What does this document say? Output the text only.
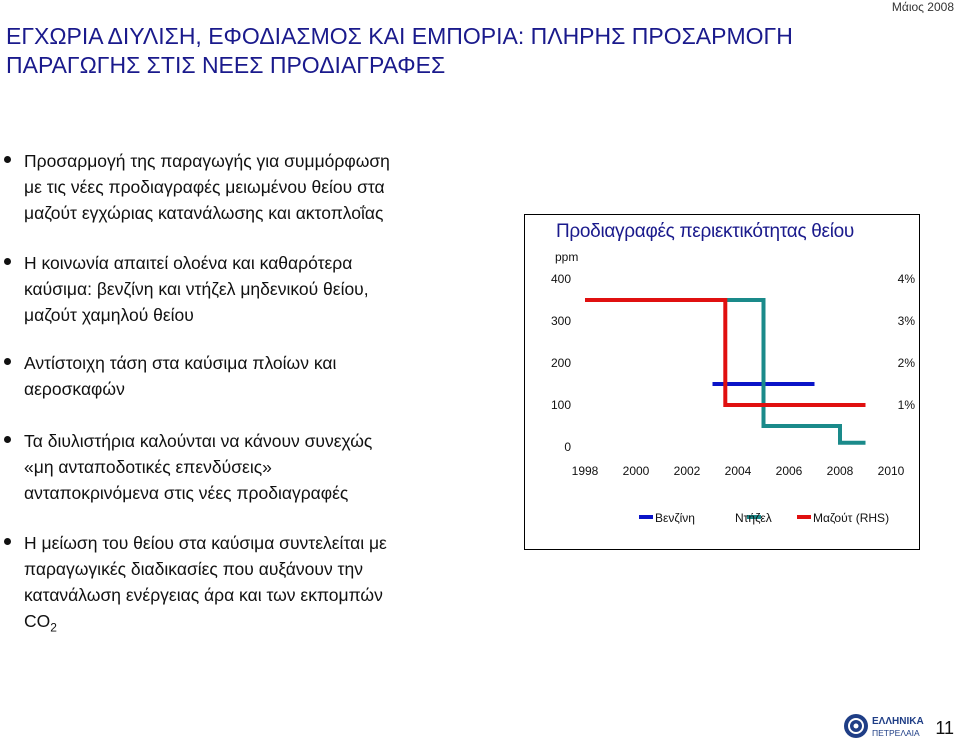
Μάιος 2008
ΕΓΧΩΡΙΑ ΔΙΥΛΙΣΗ, ΕΦΟΔΙΑΣΜΟΣ ΚΑΙ ΕΜΠΟΡΙΑ: ΠΛΗΡΗΣ ΠΡΟΣΑΡΜΟΓΗ
ΠΑΡΑΓΩΓΗΣ ΣΤΙΣ ΝΕΕΣ ΠΡΟΔΙΑΓΡΑΦΕΣ
Προσαρμογή της παραγωγής για συμμόρφωση
με τις νέες προδιαγραφές μειωμένου θείου στα
μαζούτ εγχώριας κατανάλωσης και ακτοπλοΐας
Η κοινωνία απαιτεί ολοένα και καθαρότερα
καύσιμα: βενζίνη και ντήζελ μηδενικού θείου,
μαζούτ χαμηλού θείου
Αντίστοιχη τάση στα καύσιμα πλοίων και
αεροσκαφών
Τα διυλιστήρια καλούνται να κάνουν συνεχώς
«μη ανταποδοτικές επενδύσεις»
ανταποκρινόμενα στις νέες προδιαγραφές
Η μείωση του θείου στα καύσιμα συντελείται με
παραγωγικές διαδικασίες που αυξάνουν την
κατανάλωση ενέργειας άρα και των εκπομπών
$CO_2$
Προδιαγραφές περιεκτικότητας θείου
ppm
0
100
200
300
400
1%
2%
3%
4%
1998 2000 2002 2004 2006 2008 2010
Βενζίνη	Ντήζελ	Μαζούτ (RHS)
ΕΛΛΗΝΙΚΑ
ΠΕΤΡΕΛΑΙΑ 11
